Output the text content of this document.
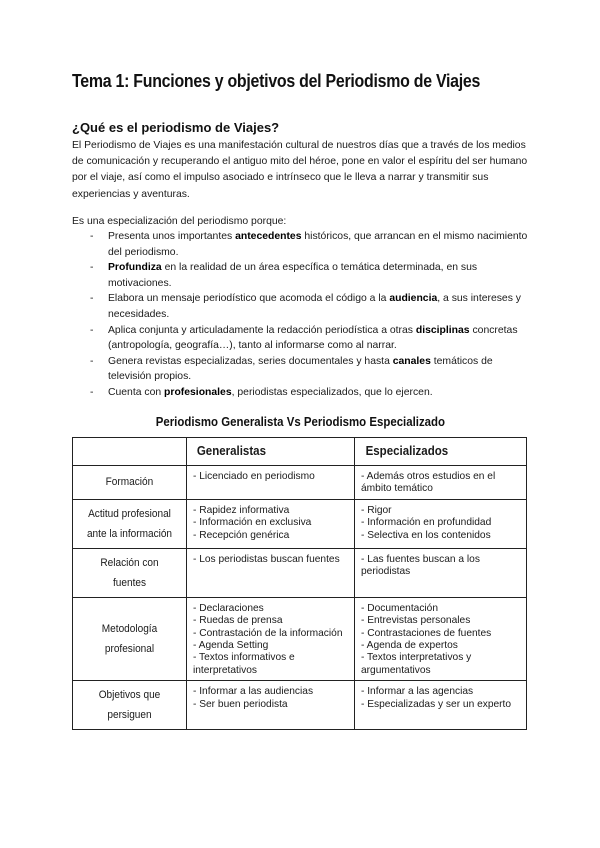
Tema 1: Funciones y objetivos del Periodismo de Viajes
¿Qué es el periodismo de Viajes?

El Periodismo de Viajes es una manifestación cultural de nuestros días que a través de los medios de comunicación y recuperando el antiguo mito del héroe, pone en valor el espíritu del ser humano por el viaje, así como el impulso asociado e intrínseco que le lleva a narrar y transmitir sus experiencias y aventuras.

Es una especialización del periodismo porque:

- Presenta unos importantes antecedentes históricos, que arrancan en el mismo nacimiento del periodismo.
- Profundiza en la realidad de un área específica o temática determinada, en sus motivaciones.
- Elabora un mensaje periodístico que acomoda el código a la audiencia, a sus intereses y necesidades.
- Aplica conjunta y articuladamente la redacción periodística a otras disciplinas concretas (antropología, geografía…), tanto al informarse como al narrar.
- Genera revistas especializadas, series documentales y hasta canales temáticos de televisión propios.
- Cuenta con profesionales, periodistas especializados, que lo ejercen.
Periodismo Generalista Vs Periodismo Especializado
	Generalistas	Especializados
Formación	- Licenciado en periodismo	- Además otros estudios en el ámbito temático

Actitud profesional ante la información	- Rapidez informativa
- Información en exclusiva
- Recepción genérica	- Rigor
- Información en profundidad
- Selectiva en los contenidos

Relación con fuentes	- Los periodistas buscan fuentes	- Las fuentes buscan a los periodistas

Metodología profesional	- Declaraciones
- Ruedas de prensa
- Contrastación de la información
- Agenda Setting
- Textos informativos e interpretativos	- Documentación
- Entrevistas personales
- Contrastaciones de fuentes
- Agenda de expertos
- Textos interpretativos y argumentativos

Objetivos que persiguen	- Informar a las audiencias
- Ser buen periodista	- Informar a las agencias
- Especializadas y ser un experto
